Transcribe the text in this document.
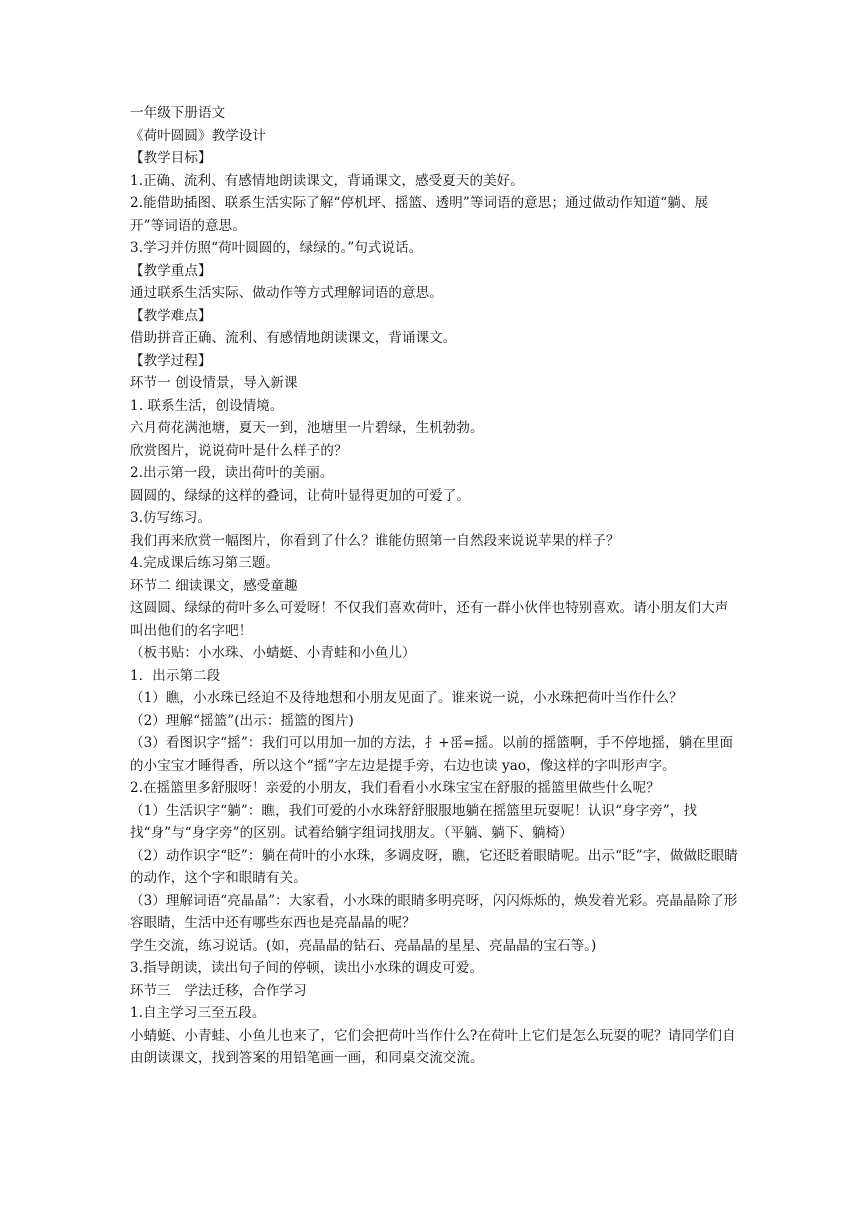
一年级下册语文

《荷叶圆圆》教学设计

【教学目标】

1.正确、流利、有感情地朗读课文，背诵课文，感受夏天的美好。

2.能借助插图、联系生活实际了解“停机坪、摇篮、透明”等词语的意思；通过做动作知道“躺、展开”等词语的意思。

3.学习并仿照“荷叶圆圆的，绿绿的。”句式说话。

【教学重点】

通过联系生活实际、做动作等方式理解词语的意思。

【教学难点】

借助拼音正确、流利、有感情地朗读课文，背诵课文。

【教学过程】

环节一 创设情景，导入新课

1. 联系生活，创设情境。

六月荷花满池塘，夏天一到，池塘里一片碧绿，生机勃勃。

欣赏图片，说说荷叶是什么样子的？

2.出示第一段，读出荷叶的美丽。

圆圆的、绿绿的这样的叠词，让荷叶显得更加的可爱了。

3.仿写练习。

我们再来欣赏一幅图片，你看到了什么？谁能仿照第一自然段来说说苹果的样子？

4.完成课后练习第三题。

环节二 细读课文，感受童趣

这圆圆、绿绿的荷叶多么可爱呀！不仅我们喜欢荷叶，还有一群小伙伴也特别喜欢。请小朋友们大声叫出他们的名字吧！

（板书贴：小水珠、小蜻蜓、小青蛙和小鱼儿）

1．出示第二段

（1）瞧，小水珠已经迫不及待地想和小朋友见面了。谁来说一说，小水珠把荷叶当作什么？

（2）理解“摇篮”(出示：摇篮的图片)

（3）看图识字“摇”：我们可以用加一加的方法，扌+䍃=摇。以前的摇篮啊，手不停地摇，躺在里面的小宝宝才睡得香，所以这个“摇”字左边是提手旁，右边也读 yao，像这样的字叫形声字。

2.在摇篮里多舒服呀！亲爱的小朋友，我们看看小水珠宝宝在舒服的摇篮里做些什么呢？

（1）生活识字“躺”：瞧，我们可爱的小水珠舒舒服服地躺在摇篮里玩耍呢！认识“身字旁”，找找“身”与“身字旁”的区别。试着给躺字组词找朋友。（平躺、躺下、躺椅）

（2）动作识字“眨”：躺在荷叶的小水珠，多调皮呀，瞧，它还眨着眼睛呢。出示“眨”字，做做眨眼睛的动作，这个字和眼睛有关。

（3）理解词语“亮晶晶”：大家看，小水珠的眼睛多明亮呀，闪闪烁烁的，焕发着光彩。亮晶晶除了形容眼睛，生活中还有哪些东西也是亮晶晶的呢？

学生交流，练习说话。(如，亮晶晶的钻石、亮晶晶的星星、亮晶晶的宝石等。)

3.指导朗读，读出句子间的停顿，读出小水珠的调皮可爱。

环节三　学法迁移，合作学习

1.自主学习三至五段。

小蜻蜓、小青蛙、小鱼儿也来了，它们会把荷叶当作什么?在荷叶上它们是怎么玩耍的呢？请同学们自由朗读课文，找到答案的用铅笔画一画，和同桌交流交流。
